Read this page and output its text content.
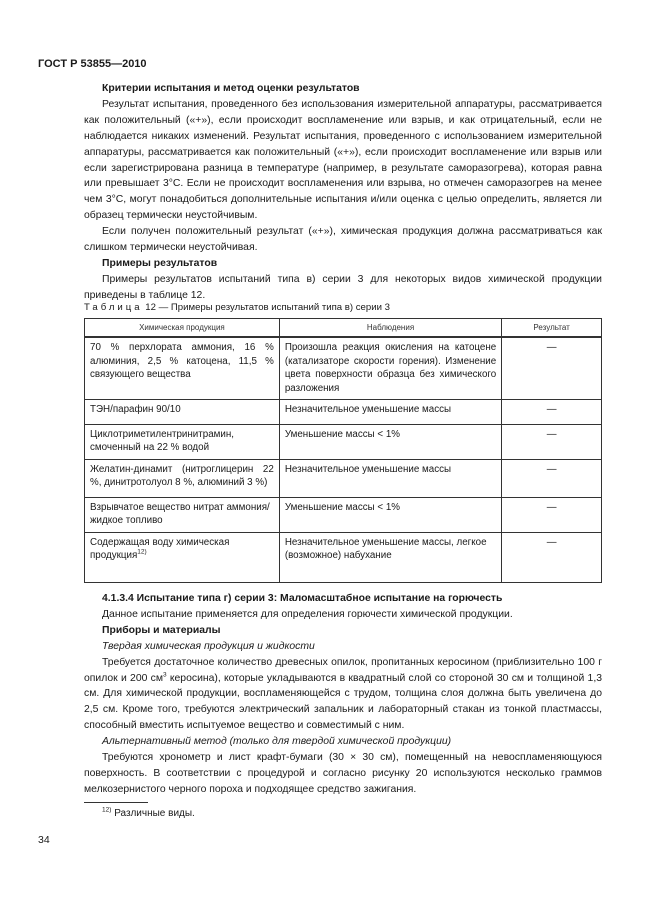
ГОСТ Р 53855—2010

Критерии испытания и метод оценки результатов

Результат испытания, проведенного без использования измерительной аппаратуры, рассматривается как положительный («+»), если происходит воспламенение или взрыв, и как отрицательный, если не наблюдается никаких изменений. Результат испытания, проведенного с использованием измерительной аппаратуры, рассматривается как положительный («+»), если происходит воспламенение или взрыв или если зарегистрирована разница в температуре (например, в результате саморазогрева), которая равна или превышает 3°С. Если не происходит воспламенения или взрыва, но отмечен саморазогрев на менее чем 3°С, могут понадобиться дополнительные испытания и/или оценка с целью определить, является ли образец термически неустойчивым.

Если получен положительный результат («+»), химическая продукция должна рассматриваться как слишком термически неустойчивая.

Примеры результатов

Примеры результатов испытаний типа в) серии 3 для некоторых видов химической продукции приведены в таблице 12.

Таблица 12 — Примеры результатов испытаний типа в) серии 3
Химическая продукция	Наблюдения	Результат
70 % перхлората аммония, 16 % алюминия, 2,5 % катоцена, 11,5 % связующего вещества	Произошла реакция окисления на катоцене (катализаторе скорости горения). Изменение цвета поверхности образца без химического разложения	—
ТЭН/парафин 90/10	Незначительное уменьшение массы	—
Циклотриметилентринитрамин, смоченный на 22 % водой	Уменьшение массы < 1%	—
Желатин-динамит (нитроглицерин 22 %, динитротолуол 8 %, алюминий 3 %)	Незначительное уменьшение массы	—
Взрывчатое вещество нитрат аммония/жидкое топливо	Уменьшение массы < 1%	—
Содержащая воду химическая продукция$^{12)}$	Незначительное уменьшение массы, легкое (возможное) набухание	—

4.1.3.4 Испытание типа г) серии 3: Маломасштабное испытание на горючесть

Данное испытание применяется для определения горючести химической продукции.

Приборы и материалы

Твердая химическая продукция и жидкости

Требуется достаточное количество древесных опилок, пропитанных керосином (приблизительно 100 г опилок и 200 $см^3$ керосина), которые укладываются в квадратный слой со стороной 30 см и толщиной 1,3 см. Для химической продукции, воспламеняющейся с трудом, толщина слоя должна быть увеличена до 2,5 см. Кроме того, требуются электрический запальник и лабораторный стакан из тонкой пластмассы, способный вместить испытуемое вещество и совместимый с ним.

Альтернативный метод (только для твердой химической продукции)

Требуются хронометр и лист крафт-бумаги (30 × 30 см), помещенный на невоспламеняющуюся поверхность. В соответствии с процедурой и согласно рисунку 20 используются несколько граммов мелкозернистого черного пороха и подходящее средство зажигания.

$^{12)}$ Различные виды.
34
